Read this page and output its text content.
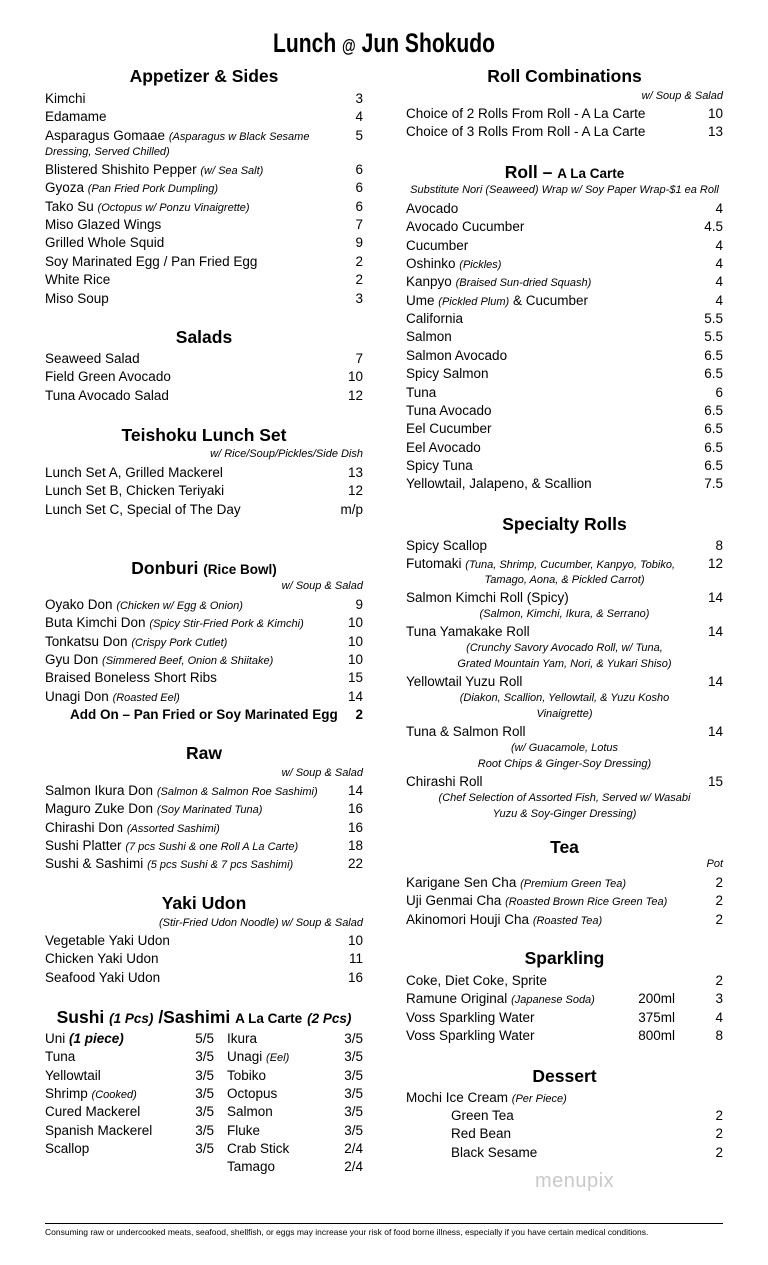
Lunch @ Jun Shokudo
Appetizer & Sides
Kimchi	3
Edamame	4
Asparagus Gomaae (Asparagus w Black Sesame	5
Dressing, Served Chilled)
Blistered Shishito Pepper (w/ Sea Salt)	6
Gyoza (Pan Fried Pork Dumpling)	6
Tako Su (Octopus w/ Ponzu Vinaigrette)	6
Miso Glazed Wings	7
Grilled Whole Squid	9
Soy Marinated Egg / Pan Fried Egg	2
White Rice	2
Miso Soup	3
Salads
Seaweed Salad	7
Field Green Avocado	10
Tuna Avocado Salad	12
Teishoku Lunch Set
w/ Rice/Soup/Pickles/Side Dish
Lunch Set A, Grilled Mackerel	13
Lunch Set B, Chicken Teriyaki	12
Lunch Set C, Special of The Day	m/p
Donburi (Rice Bowl)
w/ Soup & Salad
Oyako Don (Chicken w/ Egg & Onion)	9
Buta Kimchi Don (Spicy Stir-Fried Pork & Kimchi)	10
Tonkatsu Don (Crispy Pork Cutlet)	10
Gyu Don (Simmered Beef, Onion & Shiitake)	10
Braised Boneless Short Ribs	15
Unagi Don (Roasted Eel)	14
Add On – Pan Fried or Soy Marinated Egg 2
Raw
w/ Soup & Salad
Salmon Ikura Don (Salmon & Salmon Roe Sashimi) 14
Maguro Zuke Don (Soy Marinated Tuna)	16
Chirashi Don (Assorted Sashimi)	16
Sushi Platter (7 pcs Sushi & one Roll A La Carte)	18
Sushi & Sashimi (5 pcs Sushi & 7 pcs Sashimi)	22
Yaki Udon
(Stir-Fried Udon Noodle) w/ Soup & Salad
Vegetable Yaki Udon	10
Chicken Yaki Udon	11
Seafood Yaki Udon	16
Sushi (1 Pcs) /Sashimi A La Carte (2 Pcs)
Uni (1 piece)	5/5
Tuna	3/5
Yellowtail	3/5
Shrimp (Cooked)	3/5
Cured Mackerel	3/5
Spanish Mackerel	3/5
Scallop	3/5
Ikura	3/5
Unagi (Eel)	3/5
Tobiko	3/5
Octopus	3/5
Salmon	3/5
Fluke	3/5
Crab Stick	2/4
Tamago	2/4
Roll Combinations
w/ Soup & Salad
Choice of 2 Rolls From Roll - A La Carte	10
Choice of 3 Rolls From Roll - A La Carte	13
Roll – A La Carte
Substitute Nori (Seaweed) Wrap w/ Soy Paper Wrap-$1 ea Roll
Avocado	4
Avocado Cucumber	4.5
Cucumber	4
Oshinko (Pickles)	4
Kanpyo (Braised Sun-dried Squash)	4
Ume (Pickled Plum) & Cucumber	4
California	5.5
Salmon	5.5
Salmon Avocado	6.5
Spicy Salmon	6.5
Tuna	6
Tuna Avocado	6.5
Eel Cucumber	6.5
Eel Avocado	6.5
Spicy Tuna	6.5
Yellowtail, Jalapeno, & Scallion	7.5
Specialty Rolls
Spicy Scallop	8
Futomaki (Tuna, Shrimp, Cucumber, Kanpyo, Tobiko, 12
Tamago, Aona, & Pickled Carrot)
Salmon Kimchi Roll (Spicy)	14
(Salmon, Kimchi, Ikura, & Serrano)
Tuna Yamakake Roll	14
(Crunchy Savory Avocado Roll, w/ Tuna,
Grated Mountain Yam, Nori, & Yukari Shiso)
Yellowtail Yuzu Roll	14
(Diakon, Scallion, Yellowtail, & Yuzu Kosho
Vinaigrette)
Tuna & Salmon Roll	14
(w/ Guacamole, Lotus
Root Chips & Ginger-Soy Dressing)
Chirashi Roll	15
(Chef Selection of Assorted Fish, Served w/ Wasabi
Yuzu & Soy-Ginger Dressing)
Tea
Pot
Karigane Sen Cha (Premium Green Tea)	2
Uji Genmai Cha (Roasted Brown Rice Green Tea)	2
Akinomori Houji Cha (Roasted Tea)	2
Sparkling
Coke, Diet Coke, Sprite	2
Ramune Original (Japanese Soda)	200ml	3
Voss Sparkling Water	375ml	4
Voss Sparkling Water	800ml	8
Dessert
Mochi Ice Cream (Per Piece)
Green Tea	2
Red Bean	2
Black Sesame	2
Consuming raw or undercooked meats, seafood, shellfish, or eggs may increase your risk of food borne illness, especially if you have certain medical conditions.
menupix
